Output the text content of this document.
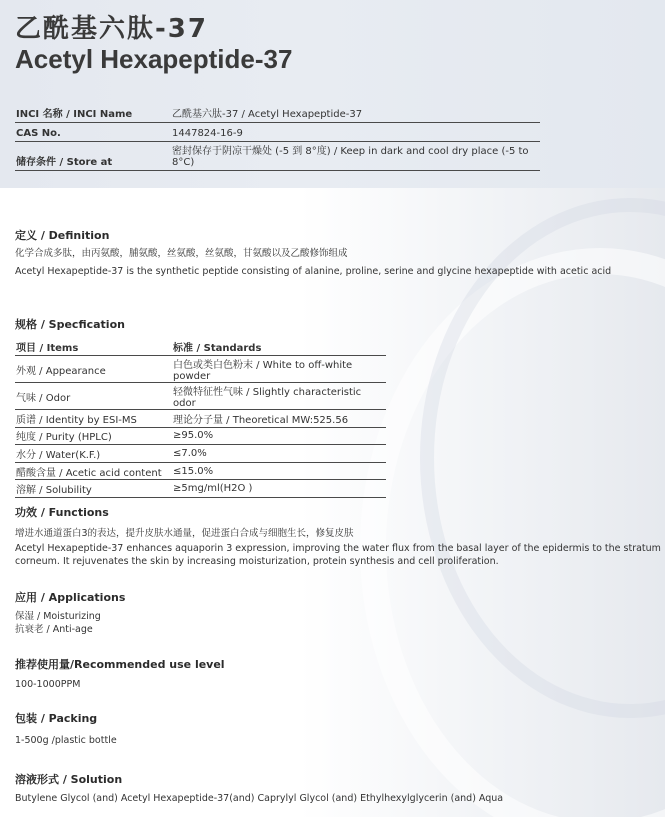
乙酰基六肽-37
Acetyl Hexapeptide-37
INCI 名称 / INCI Name	乙酰基六肽-37 / Acetyl Hexapeptide-37
CAS No.	1447824-16-9
储存条件 / Store at	密封保存于阴凉干燥处 (-5 到 8°度) / Keep in dark and cool dry place (-5 to 8°C)
定义 / Definition
化学合成多肽，由丙氨酸，脯氨酸，丝氨酸，丝氨酸，甘氨酸以及乙酸修饰组成
Acetyl Hexapeptide-37 is the synthetic peptide consisting of alanine, proline, serine and glycine hexapeptide with acetic acid
规格 / Specfication
项目 / Items	标准 / Standards
外观 / Appearance	白色或类白色粉末 / White to off-white powder
气味 / Odor	轻微特征性气味 / Slightly characteristic odor
质谱 / Identity by ESI-MS	理论分子量 / Theoretical MW:525.56
纯度 / Purity (HPLC)	≥95.0%
水分 / Water(K.F.)	≤7.0%
醋酸含量 / Acetic acid content	≤15.0%
溶解 / Solubility	≥5mg/ml(H2O )
功效 / Functions
增进水通道蛋白3的表达，提升皮肤水通量，促进蛋白合成与细胞生长，修复皮肤
Acetyl Hexapeptide-37 enhances aquaporin 3 expression, improving the water flux from the basal layer of the epidermis to the stratum
corneum. It rejuvenates the skin by increasing moisturization, protein synthesis and cell proliferation.
应用 / Applications
保湿 / Moisturizing
抗衰老 / Anti-age
推荐使用量/Recommended use level
100-1000PPM
包装 / Packing
1-500g /plastic bottle
溶液形式 / Solution
Butylene Glycol (and) Acetyl Hexapeptide-37(and) Caprylyl Glycol (and) Ethylhexylglycerin (and) Aqua
